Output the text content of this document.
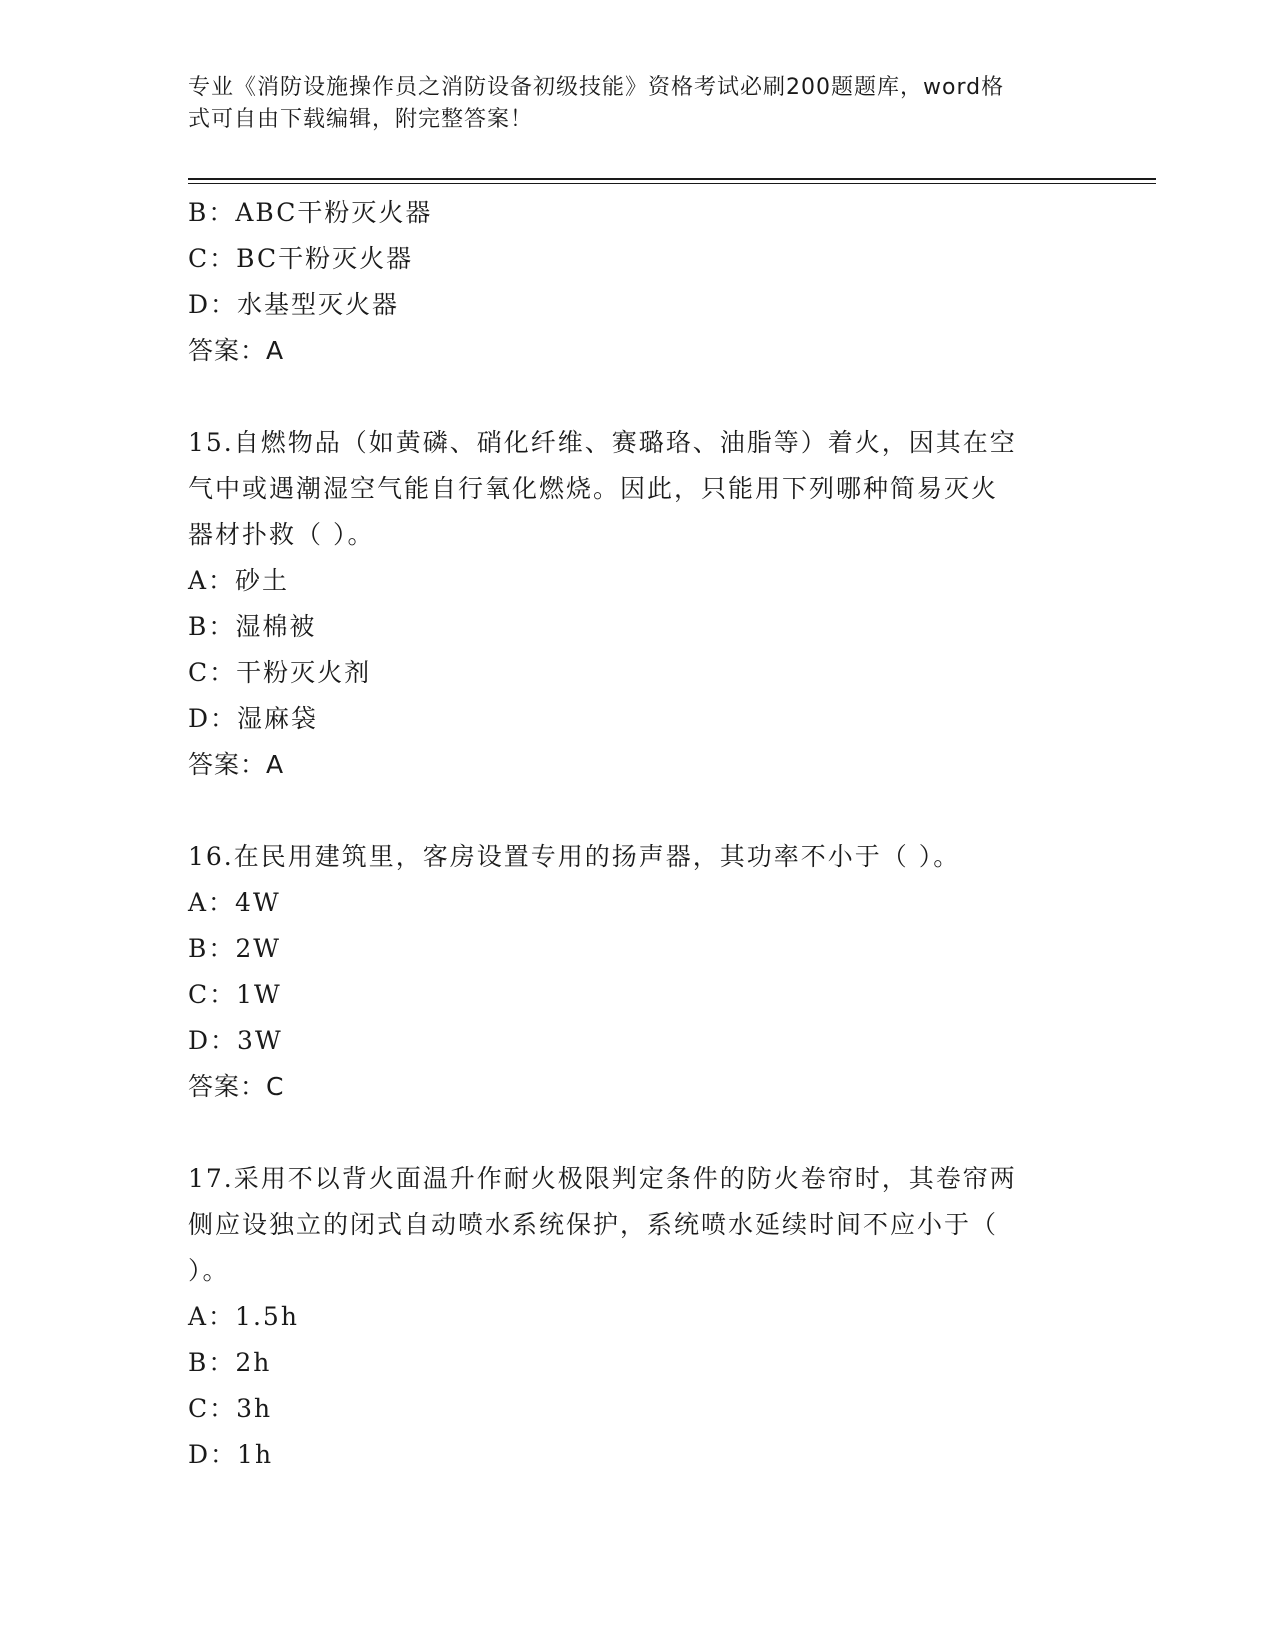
专业《消防设施操作员之消防设备初级技能》资格考试必刷200题题库，word格
式可自由下载编辑，附完整答案！
B：ABC干粉灭火器
C：BC干粉灭火器
D：水基型灭火器
答案：A
15.自燃物品（如黄磷、硝化纤维、赛璐珞、油脂等）着火，因其在空
气中或遇潮湿空气能自行氧化燃烧。因此，只能用下列哪种简易灭火
器材扑救（ ）。
A：砂土
B：湿棉被
C：干粉灭火剂
D：湿麻袋
答案：A
16.在民用建筑里，客房设置专用的扬声器，其功率不小于（ ）。
A：4W
B：2W
C：1W
D：3W
答案：C
17.采用不以背火面温升作耐火极限判定条件的防火卷帘时，其卷帘两
侧应设独立的闭式自动喷水系统保护，系统喷水延续时间不应小于（
）。
A：1.5h
B：2h
C：3h
D：1h
